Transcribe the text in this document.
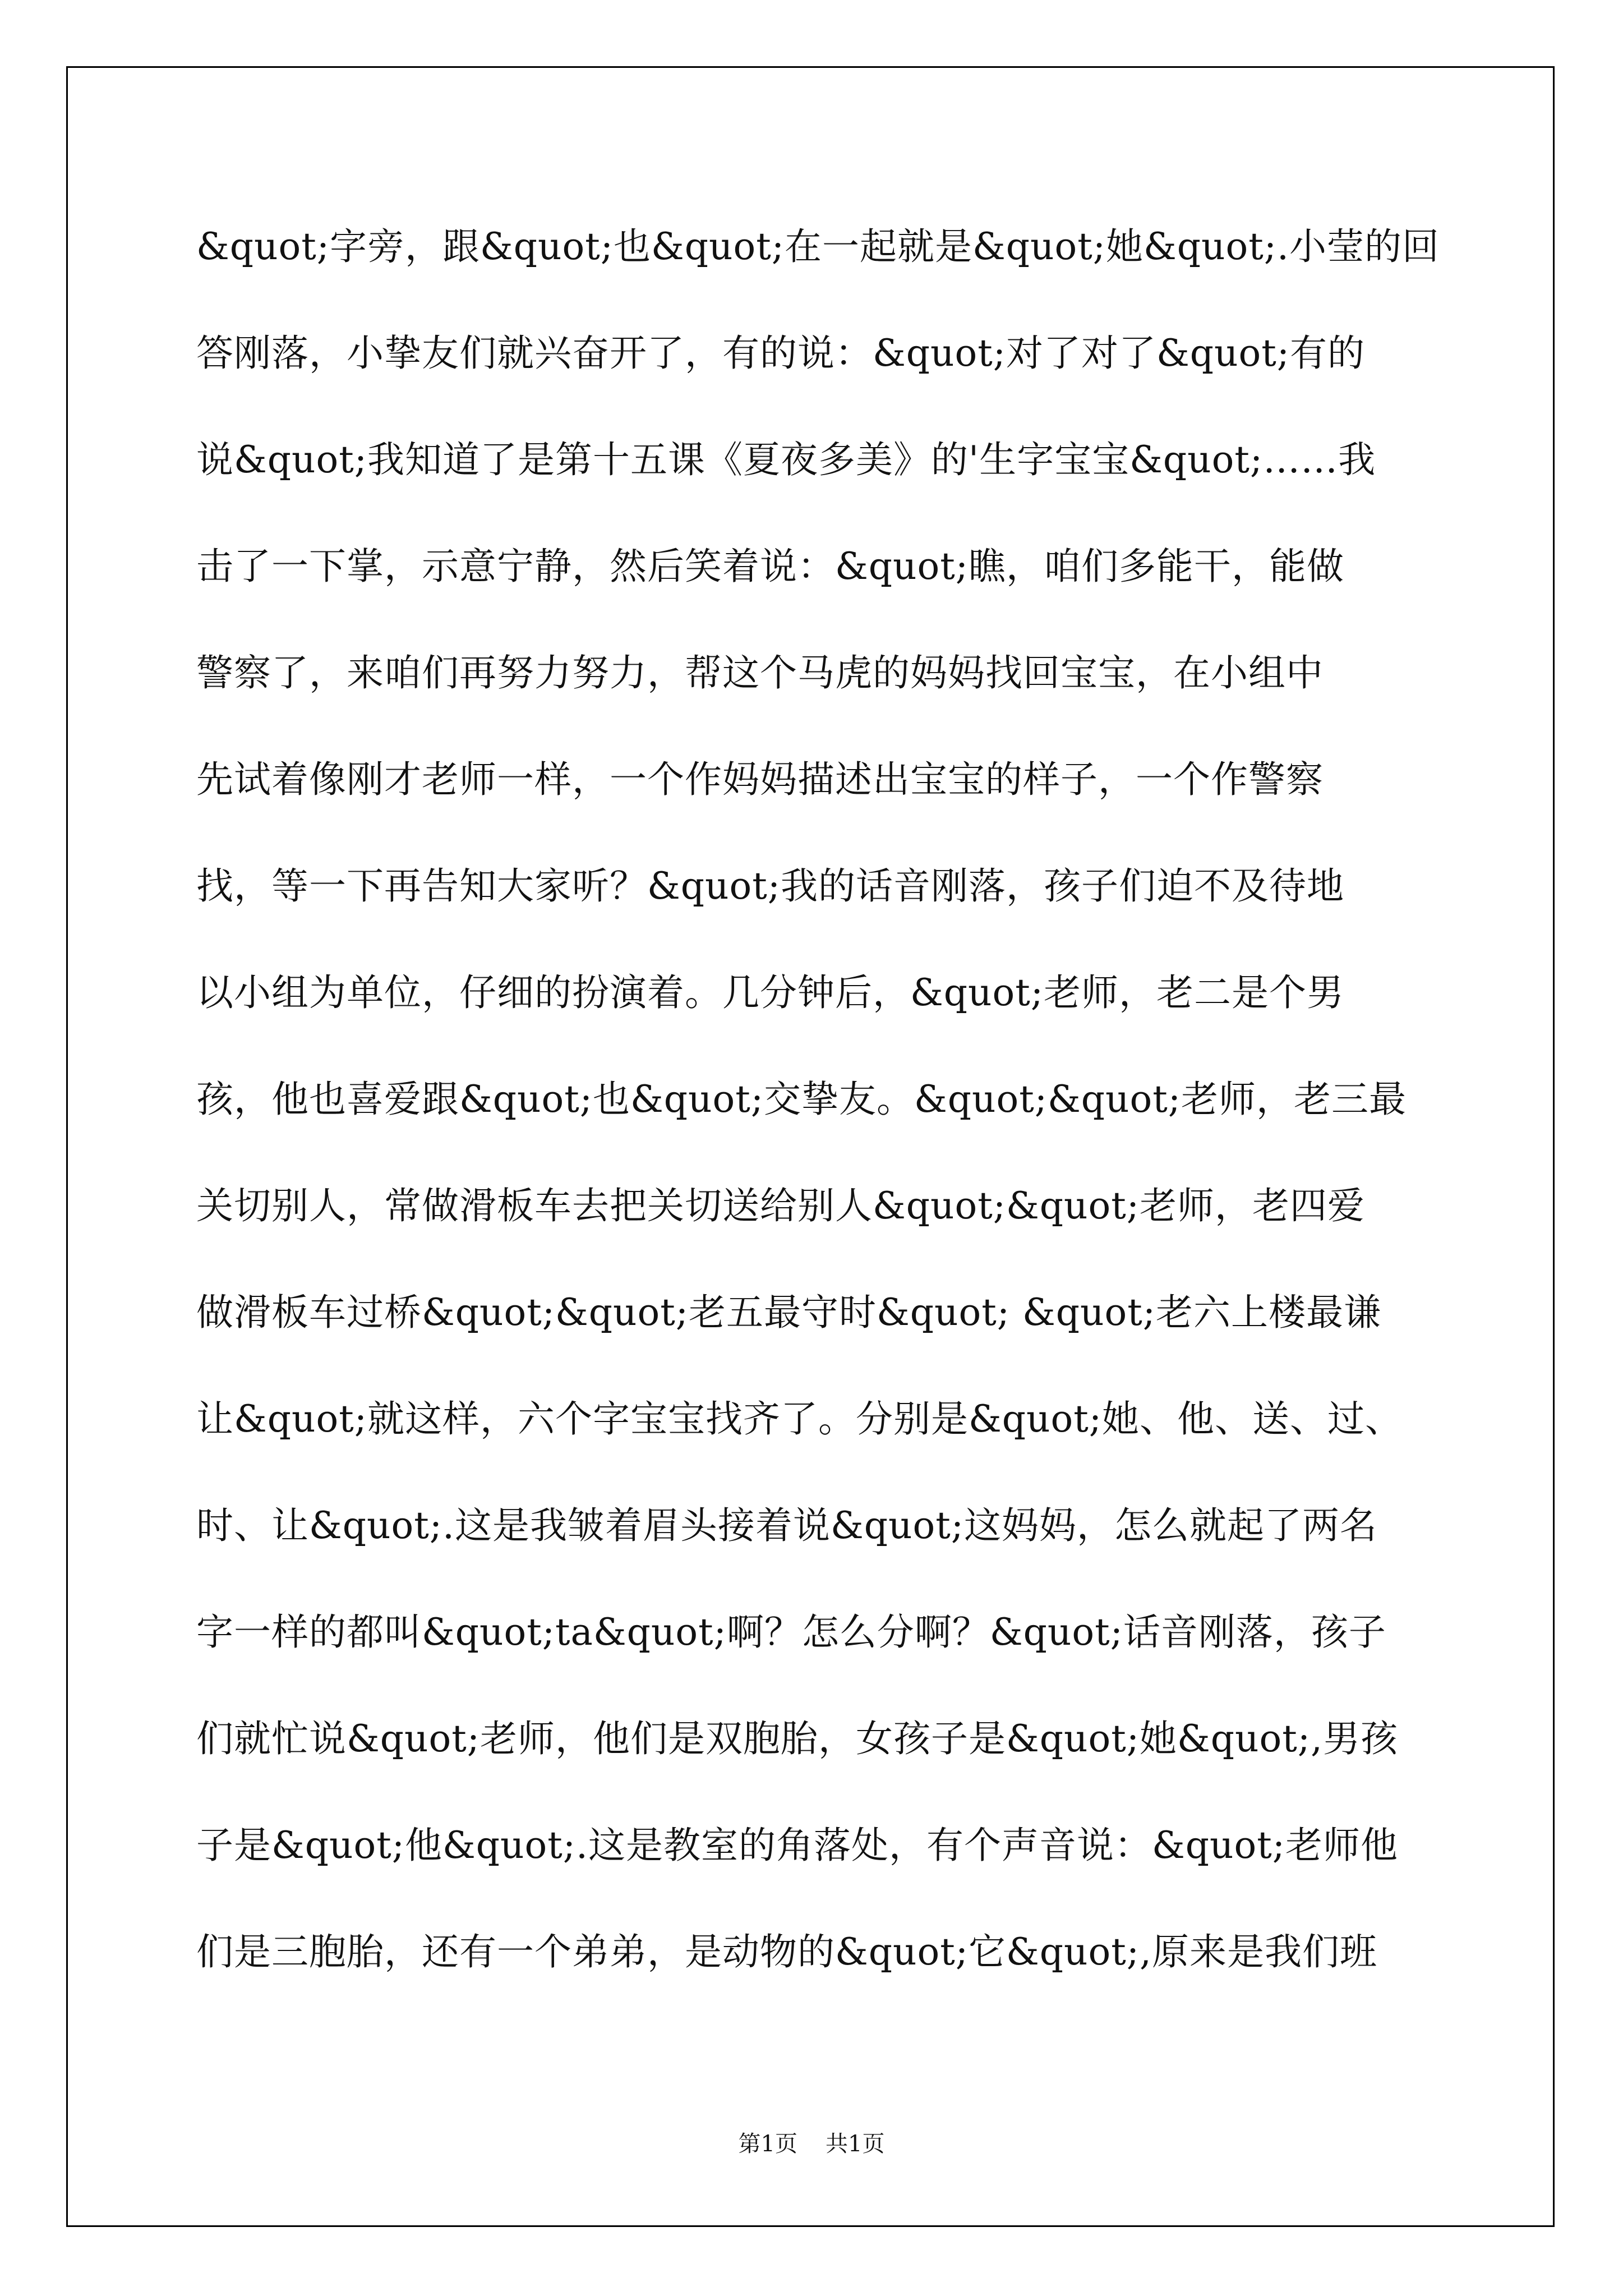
&quot;字旁，跟&quot;也&quot;在一起就是&quot;她&quot;.小莹的回
答刚落，小挚友们就兴奋开了，有的说：&quot;对了对了&quot;有的
说&quot;我知道了是第十五课《夏夜多美》的'生字宝宝&quot;……我
击了一下掌，示意宁静，然后笑着说：&quot;瞧，咱们多能干，能做
警察了，来咱们再努力努力，帮这个马虎的妈妈找回宝宝，在小组中
先试着像刚才老师一样，一个作妈妈描述出宝宝的样子，一个作警察
找，等一下再告知大家听？&quot;我的话音刚落，孩子们迫不及待地
以小组为单位，仔细的扮演着。几分钟后，&quot;老师，老二是个男
孩，他也喜爱跟&quot;也&quot;交挚友。&quot;&quot;老师，老三最
关切别人，常做滑板车去把关切送给别人&quot;&quot;老师，老四爱
做滑板车过桥&quot;&quot;老五最守时&quot; &quot;老六上楼最谦
让&quot;就这样，六个字宝宝找齐了。分别是&quot;她、他、送、过、
时、让&quot;.这是我皱着眉头接着说&quot;这妈妈，怎么就起了两名
字一样的都叫&quot;ta&quot;啊？怎么分啊？&quot;话音刚落，孩子
们就忙说&quot;老师，他们是双胞胎，女孩子是&quot;她&quot;,男孩
子是&quot;他&quot;.这是教室的角落处，有个声音说：&quot;老师他
们是三胞胎，还有一个弟弟，是动物的&quot;它&quot;,原来是我们班
第1页 共1页
